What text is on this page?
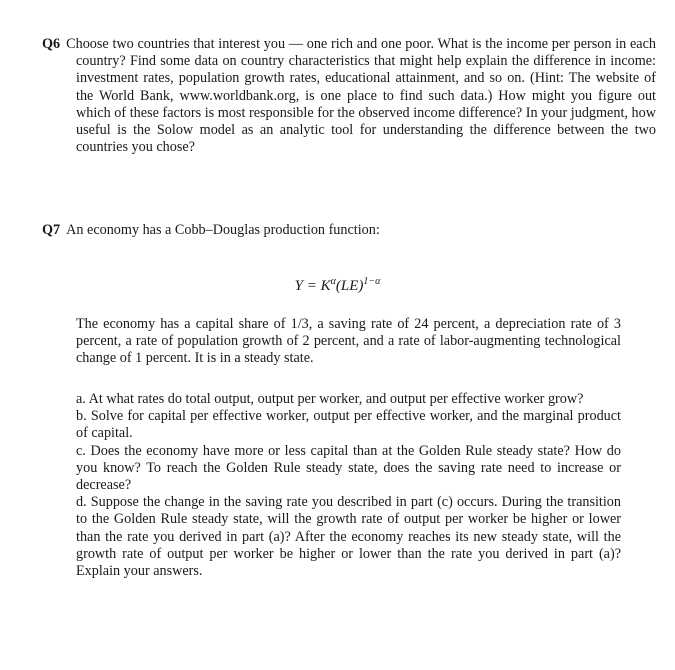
Q6 Choose two countries that interest you — one rich and one poor. What is the income per person in each country? Find some data on country characteristics that might help explain the difference in income: investment rates, population growth rates, educational attainment, and so on. (Hint: The website of the World Bank, www.worldbank.org, is one place to find such data.) How might you figure out which of these factors is most responsible for the observed income difference? In your judgment, how useful is the Solow model as an analytic tool for understanding the difference between the two countries you chose?
Q7 An economy has a Cobb–Douglas production function:
$Y = K^\alpha(LE)^{1-\alpha}$
The economy has a capital share of 1/3, a saving rate of 24 percent, a depreciation rate of 3 percent, a rate of population growth of 2 percent, and a rate of labor-augmenting technological change of 1 percent. It is in a steady state.

a. At what rates do total output, output per worker, and output per effective worker grow?

b. Solve for capital per effective worker, output per effective worker, and the marginal product of capital.

c. Does the economy have more or less capital than at the Golden Rule steady state? How do you know? To reach the Golden Rule steady state, does the saving rate need to increase or decrease?

d. Suppose the change in the saving rate you described in part (c) occurs. During the transition to the Golden Rule steady state, will the growth rate of output per worker be higher or lower than the rate you derived in part (a)? After the economy reaches its new steady state, will the growth rate of output per worker be higher or lower than the rate you derived in part (a)? Explain your answers.
